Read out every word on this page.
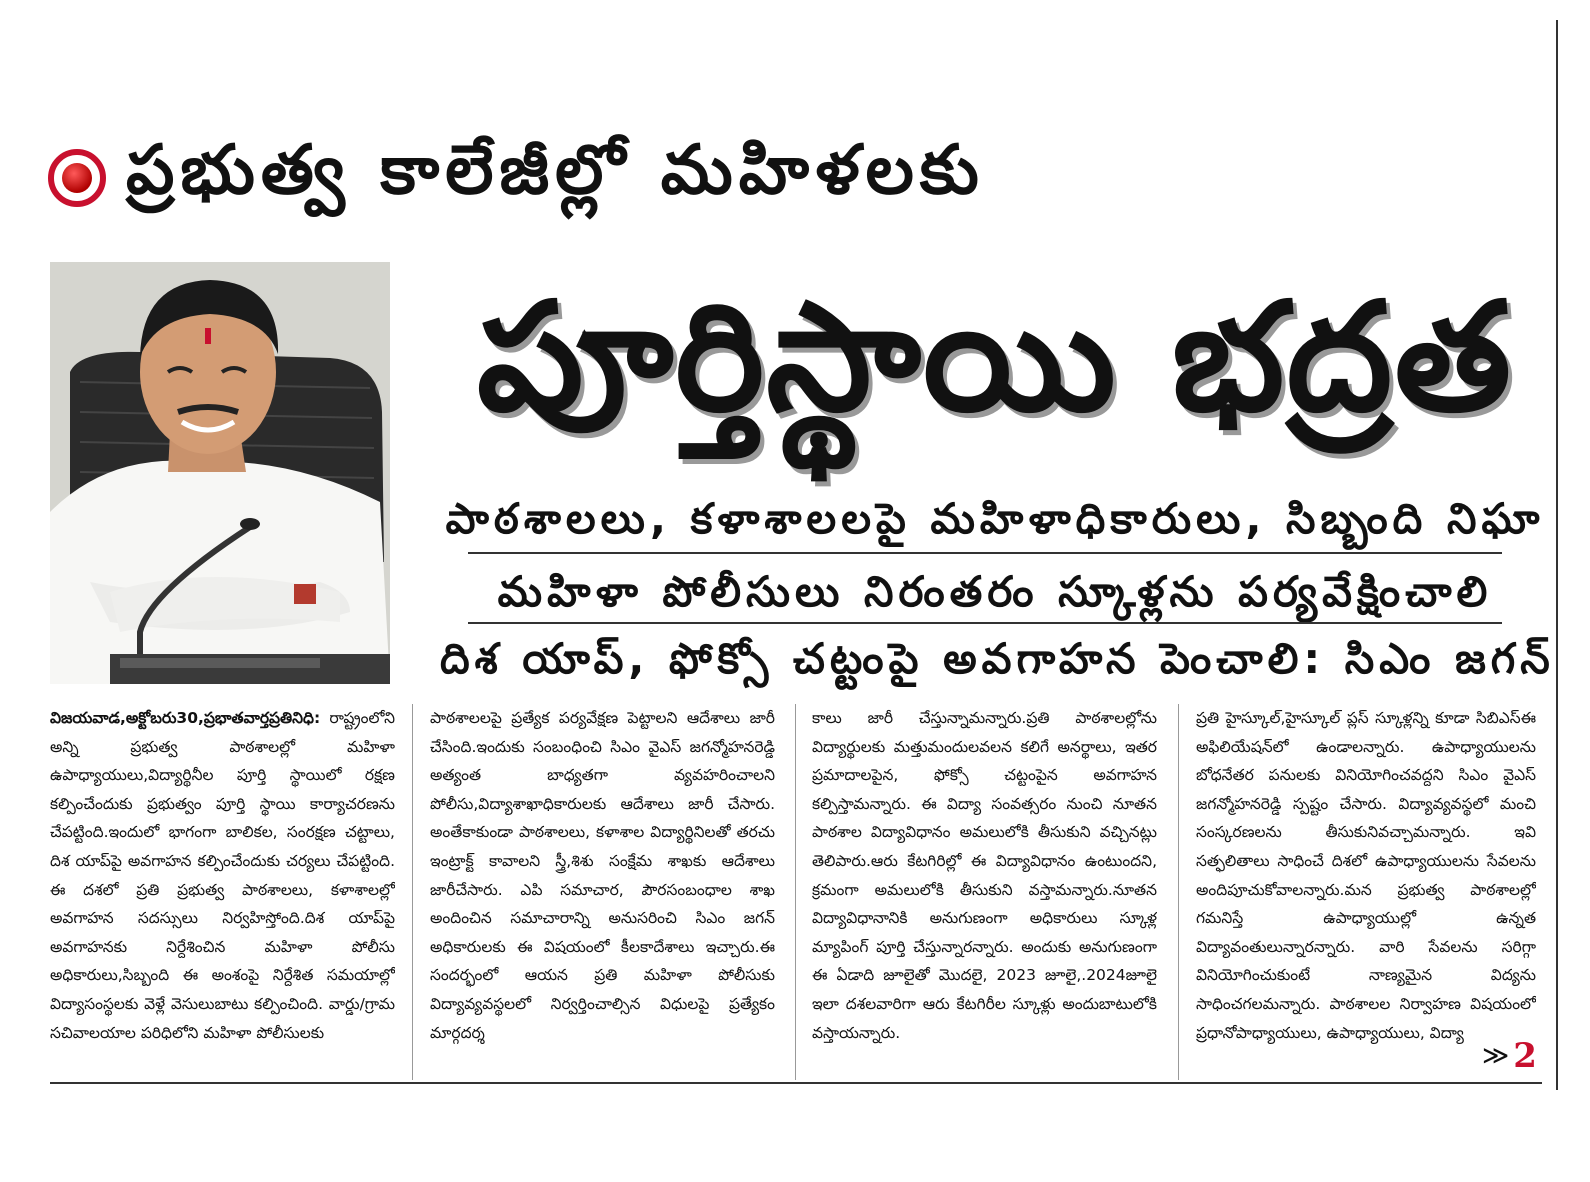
ప్రభుత్వ కాలేజీల్లో మహిళలకు
పూర్తిస్థాయి భద్రత
పాఠశాలలు, కళాశాలలపై మహిళాధికారులు, సిబ్బంది నిఘా
మహిళా పోలీసులు నిరంతరం స్కూళ్లను పర్యవేక్షించాలి
దిశ యాప్, ఫోక్సో చట్టంపై అవగాహన పెంచాలి: సిఎం జగన్
విజయవాడ,అక్టోబరు30,ప్రభాతవార్తప్రతినిధి: రాష్ట్రంలోని అన్ని ప్రభుత్వ పాఠశాలల్లో మహిళా ఉపాధ్యాయులు,విద్యార్థినీల పూర్తి స్థాయిలో రక్షణ కల్పించేందుకు ప్రభుత్వం పూర్తి స్థాయి కార్యాచరణను చేపట్టింది.ఇందులో భాగంగా బాలికల, సంరక్షణ చట్టాలు, దిశ యాప్‌పై అవగాహన కల్పించేందుకు చర్యలు చేపట్టింది. ఈ దశలో ప్రతి ప్రభుత్వ పాఠశాలలు, కళాశాలల్లో అవగాహన సదస్సులు నిర్వహిస్తోంది.దిశ యాప్‌పై అవగాహనకు నిర్దేశించిన మహిళా పోలీసు అధికారులు,సిబ్బంది ఈ అంశంపై నిర్దేశిత సమయాల్లో విద్యాసంస్థలకు వెళ్లే వెసులుబాటు కల్పించింది. వార్డు/గ్రామ సచివాలయాల పరిధిలోని మహిళా పోలీసులకు
పాఠశాలలపై ప్రత్యేక పర్యవేక్షణ పెట్టాలని ఆదేశాలు జారీ చేసింది.ఇందుకు సంబంధించి సిఎం వైఎస్ జగన్మోహనరెడ్డి అత్యంత బాధ్యతగా వ్యవహరించాలని పోలీసు,విద్యాశాఖాధికారులకు ఆదేశాలు జారీ చేసారు. అంతేకాకుండా పాఠశాలలు, కళాశాల విద్యార్థినిలతో తరచు ఇంట్రాక్ట్ కావాలని స్త్రీ,శిశు సంక్షేమ శాఖకు ఆదేశాలు జారీచేసారు. ఎపి సమాచార, పౌరసంబంధాల శాఖ అందించిన సమాచారాన్ని అనుసరించి సిఎం జగన్ అధికారులకు ఈ విషయంలో కీలకాదేశాలు ఇచ్చారు.ఈ సందర్భంలో ఆయన ప్రతి మహిళా పోలీసుకు విద్యావ్యవస్థలలో నిర్వర్తించాల్సిన విధులపై ప్రత్యేకం మార్గదర్శ
కాలు జారీ చేస్తున్నామన్నారు.ప్రతి పాఠశాలల్లోను విద్యార్థులకు మత్తుమందులవలన కలిగే అనర్థాలు, ఇతర ప్రమాదాలపైన, ఫోక్సో చట్టంపైన అవగాహన కల్పిస్తామన్నారు. ఈ విద్యా సంవత్సరం నుంచి నూతన పాఠశాల విద్యావిధానం అమలులోకి తీసుకుని వచ్చినట్లు తెలిపారు.ఆరు కేటగిరిల్లో ఈ విద్యావిధానం ఉంటుందని, క్రమంగా అమలులోకి తీసుకుని వస్తామన్నారు.నూతన విద్యావిధానానికి అనుగుణంగా అధికారులు స్కూళ్ల మ్యాపింగ్ పూర్తి చేస్తున్నారన్నారు. అందుకు అనుగుణంగా ఈ ఏడాది జూలైతో మొదలై, 2023 జూలై,.2024జూలై ఇలా దశలవారిగా ఆరు కేటగిరీల స్కూళ్లు అందుబాటులోకి వస్తాయన్నారు.
ప్రతి హైస్కూల్,హైస్కూల్ ప్లస్ స్కూళ్లన్ని కూడా సిబిఎస్ఈ అఫిలియేషన్‌లో ఉండాలన్నారు. ఉపాధ్యాయులను బోధనేతర పనులకు వినియోగించవద్దని సిఎం వైఎస్ జగన్మోహనరెడ్డి స్పష్టం చేసారు. విద్యావ్యవస్థలో మంచి సంస్కరణలను తీసుకునివచ్చామన్నారు. ఇవి సత్ఫలితాలు సాధించే దిశలో ఉపాధ్యాయులను సేవలను అందిపూచుకోవాలన్నారు.మన ప్రభుత్వ పాఠశాలల్లో గమనిస్తే ఉపాధ్యాయుల్లో ఉన్నత విద్యావంతులున్నారన్నారు. వారి సేవలను సరిగ్గా వినియోగించుకుంటే నాణ్యమైన విద్యను సాధించగలమన్నారు. పాఠశాలల నిర్వాహణ విషయంలో ప్రధానోపాధ్యాయులు, ఉపాధ్యాయులు, విద్యా
≫ 2
